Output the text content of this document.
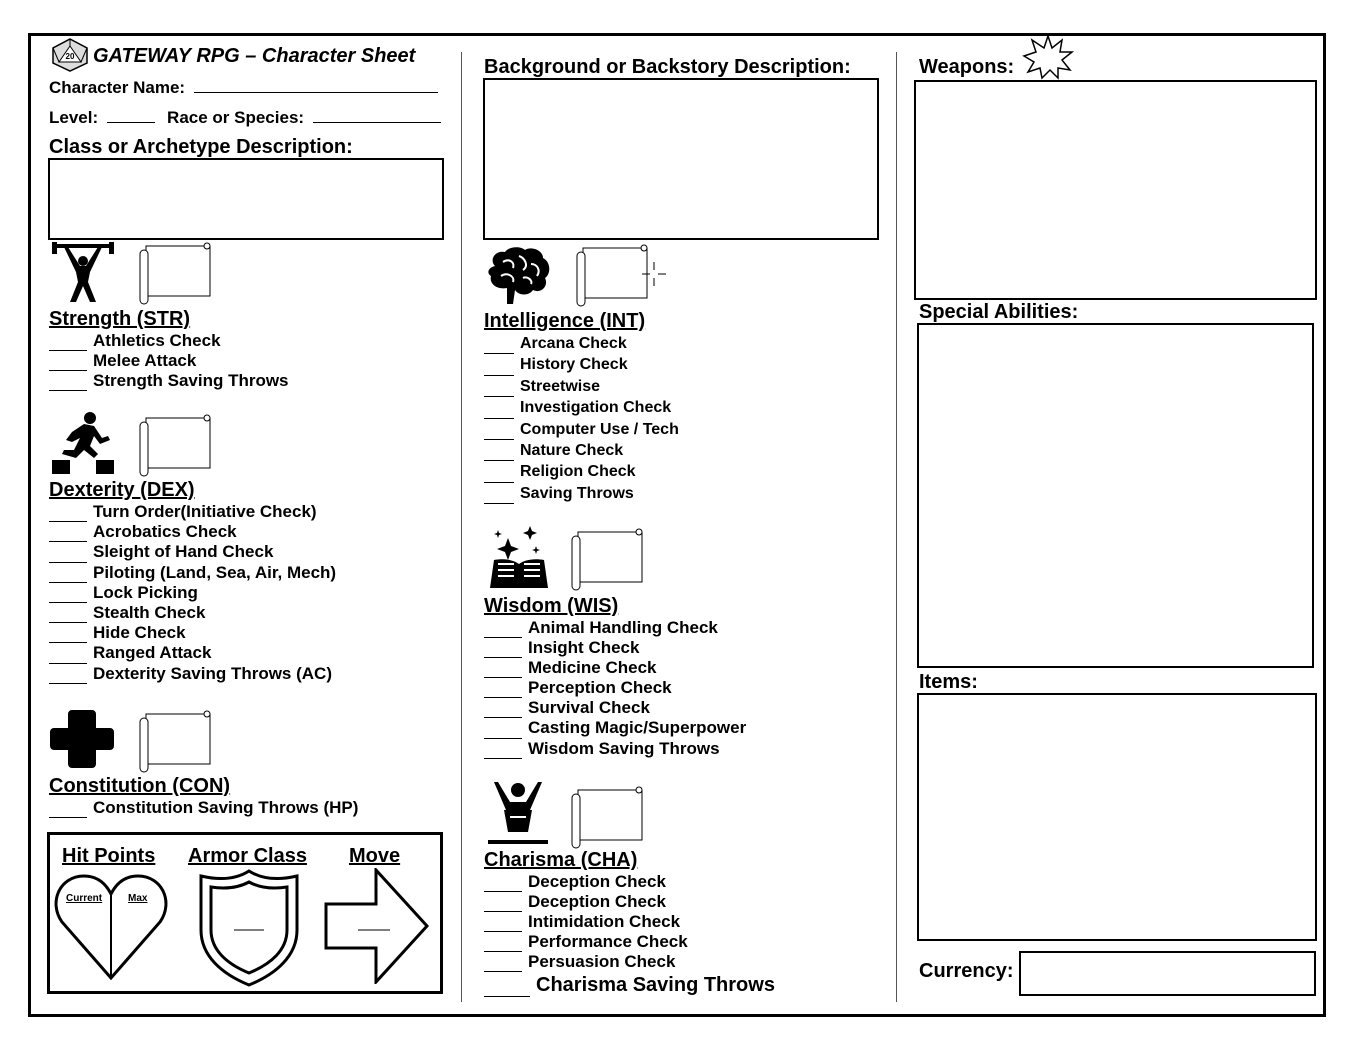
20 GATEWAY RPG – Character Sheet
Character Name:
Level:	Race or Species:
Class or Archetype Description:
Strength (STR)
Athletics Check
Melee Attack
Strength Saving Throws
Dexterity (DEX)
Turn Order(Initiative Check)
Acrobatics Check
Sleight of Hand Check
Piloting (Land, Sea, Air, Mech)
Lock Picking
Stealth Check
Hide Check
Ranged Attack
Dexterity Saving Throws (AC)
Constitution (CON)
Constitution Saving Throws (HP)
Hit Points Armor Class Move
Current	Max
Background or Backstory Description:
Intelligence (INT)
Arcana Check
History Check
Streetwise
Investigation Check
Computer Use / Tech
Nature Check
Religion Check
Saving Throws
Wisdom (WIS)
Animal Handling Check
Insight Check
Medicine Check
Perception Check
Survival Check
Casting Magic/Superpower
Wisdom Saving Throws
Charisma (CHA)
Deception Check
Deception Check
Intimidation Check
Performance Check
Persuasion Check
Charisma Saving Throws
Weapons:
Special Abilities:
Items:
Currency:
